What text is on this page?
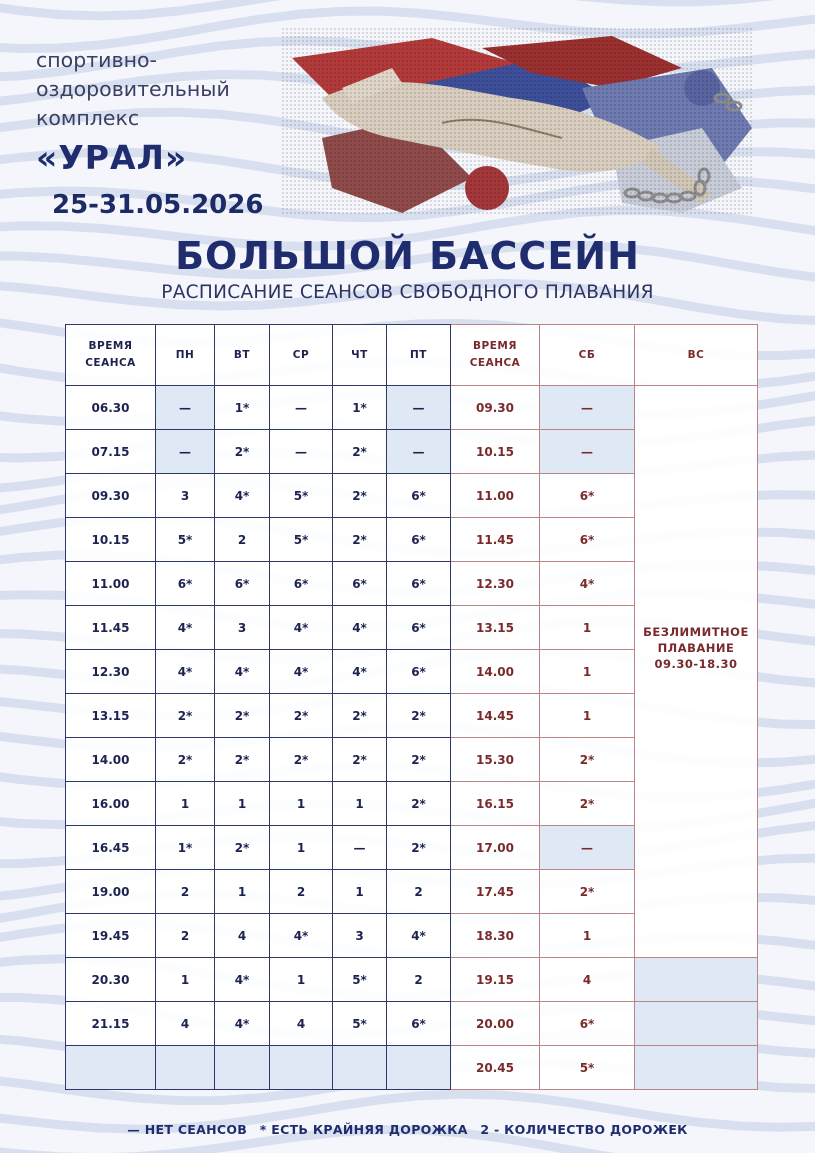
спортивно-
оздоровительный
комплекс
«УРАЛ»
25-31.05.2026
БОЛЬШОЙ БАССЕЙН
РАСПИСАНИЕ СЕАНСОВ СВОБОДНОГО ПЛАВАНИЯ
ВРЕМЯ СЕАНСА	ПН	ВТ	СР	ЧТ	ПТ	ВРЕМЯ СЕАНСА	СБ	ВС
06.30	—	1*	—	1*	—	09.30	—	БЕЗЛИМИТНОЕ ПЛАВАНИЕ 09.30-18.30
07.15	—	2*	—	2*	—	10.15	—	
09.30	3	4*	5*	2*	6*	11.00	6*	
10.15	5*	2	5*	2*	6*	11.45	6*	
11.00	6*	6*	6*	6*	6*	12.30	4*	
11.45	4*	3	4*	4*	6*	13.15	1	
12.30	4*	4*	4*	4*	6*	14.00	1	
13.15	2*	2*	2*	2*	2*	14.45	1	
14.00	2*	2*	2*	2*	2*	15.30	2*	
16.00	1	1	1	1	2*	16.15	2*	
16.45	1*	2*	1	—	2*	17.00	—	
19.00	2	1	2	1	2	17.45	2*	
19.45	2	4	4*	3	4*	18.30	1	
20.30	1	4*	1	5*	2	19.15	4	
21.15	4	4*	4	5*	6*	20.00	6*	
						20.45	5*	
— НЕТ СЕАНСОВ * ЕСТЬ КРАЙНЯЯ ДОРОЖКА 2 - КОЛИЧЕСТВО ДОРОЖЕК
